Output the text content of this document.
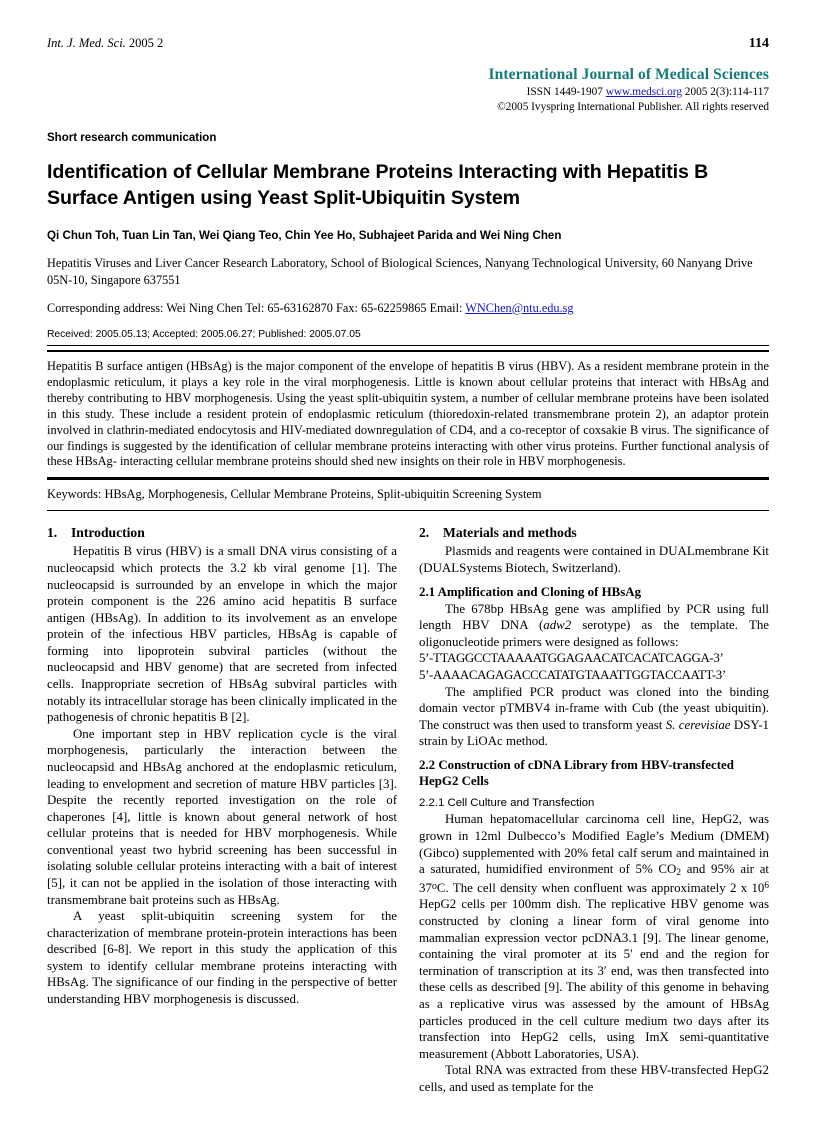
Int. J. Med. Sci. 2005 2	114
International Journal of Medical Sciences
ISSN 1449-1907 www.medsci.org 2005 2(3):114-117
©2005 Ivyspring International Publisher. All rights reserved
Short research communication
Identification of Cellular Membrane Proteins Interacting with Hepatitis B Surface Antigen using Yeast Split-Ubiquitin System
Qi Chun Toh, Tuan Lin Tan, Wei Qiang Teo, Chin Yee Ho, Subhajeet Parida and Wei Ning Chen
Hepatitis Viruses and Liver Cancer Research Laboratory, School of Biological Sciences, Nanyang Technological University, 60 Nanyang Drive 05N-10, Singapore 637551
Corresponding address: Wei Ning Chen Tel: 65-63162870 Fax: 65-62259865 Email: WNChen@ntu.edu.sg
Received: 2005.05.13; Accepted: 2005.06.27; Published: 2005.07.05
Hepatitis B surface antigen (HBsAg) is the major component of the envelope of hepatitis B virus (HBV). As a resident membrane protein in the endoplasmic reticulum, it plays a key role in the viral morphogenesis. Little is known about cellular proteins that interact with HBsAg and thereby contributing to HBV morphogenesis. Using the yeast split-ubiquitin system, a number of cellular membrane proteins have been isolated in this study. These include a resident protein of endoplasmic reticulum (thioredoxin-related transmembrane protein 2), an adaptor protein involved in clathrin-mediated endocytosis and HIV-mediated downregulation of CD4, and a co-receptor of coxsakie B virus. The significance of our findings is suggested by the identification of cellular membrane proteins interacting with other virus proteins. Further functional analysis of these HBsAg- interacting cellular membrane proteins should shed new insights on their role in HBV morphogenesis.
Keywords: HBsAg, Morphogenesis, Cellular Membrane Proteins, Split-ubiquitin Screening System
1.	Introduction

Hepatitis B virus (HBV) is a small DNA virus consisting of a nucleocapsid which protects the 3.2 kb viral genome [1]. The nucleocapsid is surrounded by an envelope in which the major protein component is the 226 amino acid hepatitis B surface antigen (HBsAg). In addition to its involvement as an envelope protein of the infectious HBV particles, HBsAg is capable of forming into lipoprotein subviral particles (without the nucleocapsid and HBV genome) that are secreted from infected cells. Inappropriate secretion of HBsAg subviral particles with notably its intracellular storage has been clinically implicated in the pathogenesis of chronic hepatitis B [2].

One important step in HBV replication cycle is the viral morphogenesis, particularly the interaction between the nucleocapsid and HBsAg anchored at the endoplasmic reticulum, leading to envelopment and secretion of mature HBV particles [3]. Despite the recently reported investigation on the role of chaperones [4], little is known about general network of host cellular proteins that is needed for HBV morphogenesis. While conventional yeast two hybrid screening has been successful in isolating soluble cellular proteins interacting with a bait of interest [5], it can not be applied in the isolation of those interacting with transmembrane bait proteins such as HBsAg.

A yeast split-ubiquitin screening system for the characterization of membrane protein-protein interactions has been described [6-8]. We report in this study the application of this system to identify cellular membrane proteins interacting with HBsAg. The significance of our finding in the perspective of better understanding HBV morphogenesis is discussed.

2.	Materials and methods

Plasmids and reagents were contained in DUALmembrane Kit (DUALSystems Biotech, Switzerland).

2.1 Amplification and Cloning of HBsAg

The 678bp HBsAg gene was amplified by PCR using full length HBV DNA (adw2 serotype) as the template. The oligonucleotide primers were designed as follows:

5’-TTAGGCCTAAAAATGGAGAACATCACATCAGGA-3’

5’-AAAACAGAGACCCATATGTAAATTGGTACCAATT-3’

The amplified PCR product was cloned into the binding domain vector pTMBV4 in-frame with Cub (the yeast ubiquitin). The construct was then used to transform yeast S. cerevisiae DSY-1 strain by LiOAc method.

2.2 Construction of cDNA Library from HBV-transfected HepG2 Cells
2.2.1 Cell Culture and Transfection

Human hepatomacellular carcinoma cell line, HepG2, was grown in 12ml Dulbecco’s Modified Eagle’s Medium (DMEM) (Gibco) supplemented with 20% fetal calf serum and maintained in a saturated, humidified environment of 5% $CO_2$ and 95% air at 37$^o$C. The cell density when confluent was approximately 2 x $10^6$ HepG2 cells per 100mm dish. The replicative HBV genome was constructed by cloning a linear form of viral genome into mammalian expression vector pcDNA3.1 [9]. The linear genome, containing the viral promoter at its 5′ end and the region for termination of transcription at its 3′ end, was then transfected into these cells as described [9]. The ability of this genome in behaving as a replicative virus was assessed by the amount of HBsAg particles produced in the cell culture medium two days after its transfection into HepG2 cells, using ImX semi-quantitative measurement (Abbott Laboratories, USA).

Total RNA was extracted from these HBV-transfected HepG2 cells, and used as template for the
